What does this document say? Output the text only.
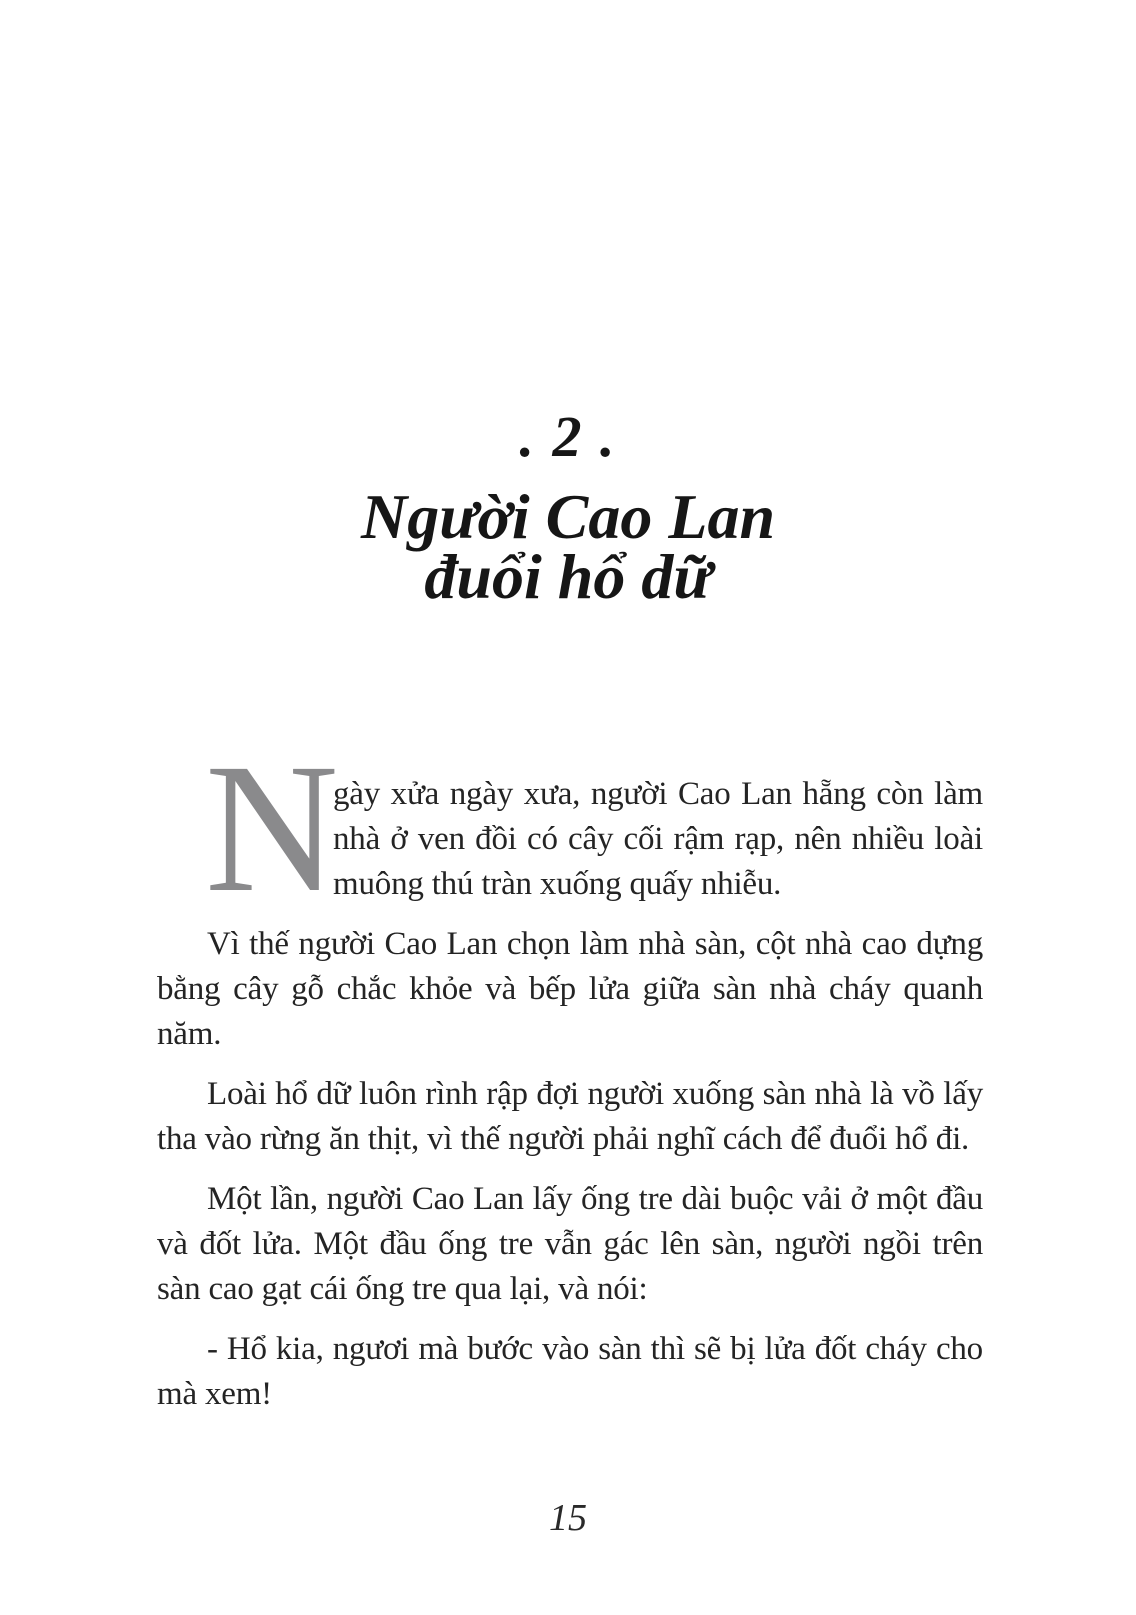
. 2 .
Người Cao Lan
đuổi hổ dữ

N
gày xửa ngày xưa, người Cao Lan hẵng còn làm nhà ở ven đồi có cây cối rậm rạp, nên nhiều loài muông thú tràn xuống quấy nhiễu.

Vì thế người Cao Lan chọn làm nhà sàn, cột nhà cao dựng bằng cây gỗ chắc khỏe và bếp lửa giữa sàn nhà cháy quanh năm.

Loài hổ dữ luôn rình rập đợi người xuống sàn nhà là vồ lấy tha vào rừng ăn thịt, vì thế người phải nghĩ cách để đuổi hổ đi.

Một lần, người Cao Lan lấy ống tre dài buộc vải ở một đầu và đốt lửa. Một đầu ống tre vẫn gác lên sàn, người ngồi trên sàn cao gạt cái ống tre qua lại, và nói:

- Hổ kia, ngươi mà bước vào sàn thì sẽ bị lửa đốt cháy cho mà xem!

15
